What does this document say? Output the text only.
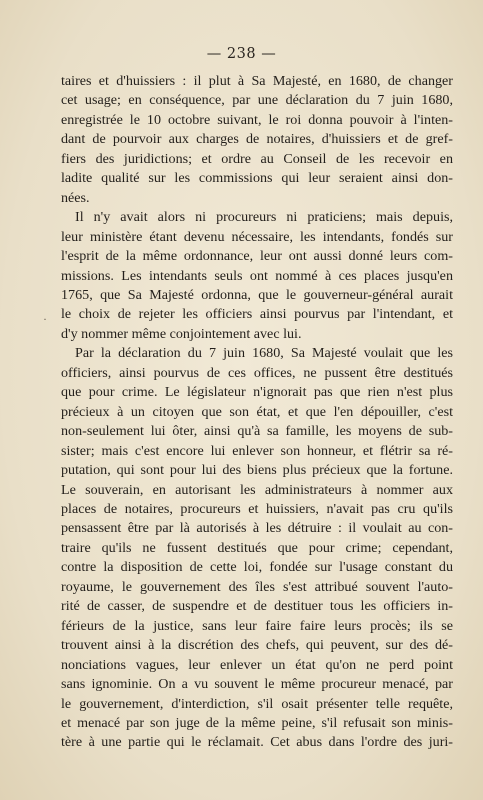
— 238 —
·
taires et d'huissiers : il plut à Sa Majesté, en 1680, de changer
cet usage; en conséquence, par une déclaration du 7 juin 1680,
enregistrée le 10 octobre suivant, le roi donna pouvoir à l'inten-
dant de pourvoir aux charges de notaires, d'huissiers et de gref-
fiers des juridictions; et ordre au Conseil de les recevoir en
ladite qualité sur les commissions qui leur seraient ainsi don-
nées.
Il n'y avait alors ni procureurs ni praticiens; mais depuis,
leur ministère étant devenu nécessaire, les intendants, fondés sur
l'esprit de la même ordonnance, leur ont aussi donné leurs com-
missions. Les intendants seuls ont nommé à ces places jusqu'en
1765, que Sa Majesté ordonna, que le gouverneur-général aurait
le choix de rejeter les officiers ainsi pourvus par l'intendant, et
d'y nommer même conjointement avec lui.
Par la déclaration du 7 juin 1680, Sa Majesté voulait que les
officiers, ainsi pourvus de ces offices, ne pussent être destitués
que pour crime. Le législateur n'ignorait pas que rien n'est plus
précieux à un citoyen que son état, et que l'en dépouiller, c'est
non-seulement lui ôter, ainsi qu'à sa famille, les moyens de sub-
sister; mais c'est encore lui enlever son honneur, et flétrir sa ré-
putation, qui sont pour lui des biens plus précieux que la fortune.
Le souverain, en autorisant les administrateurs à nommer aux
places de notaires, procureurs et huissiers, n'avait pas cru qu'ils
pensassent être par là autorisés à les détruire : il voulait au con-
traire qu'ils ne fussent destitués que pour crime; cependant,
contre la disposition de cette loi, fondée sur l'usage constant du
royaume, le gouvernement des îles s'est attribué souvent l'auto-
rité de casser, de suspendre et de destituer tous les officiers in-
férieurs de la justice, sans leur faire faire leurs procès; ils se
trouvent ainsi à la discrétion des chefs, qui peuvent, sur des dé-
nonciations vagues, leur enlever un état qu'on ne perd point
sans ignominie. On a vu souvent le même procureur menacé, par
le gouvernement, d'interdiction, s'il osait présenter telle requête,
et menacé par son juge de la même peine, s'il refusait son minis-
tère à une partie qui le réclamait. Cet abus dans l'ordre des juri-
